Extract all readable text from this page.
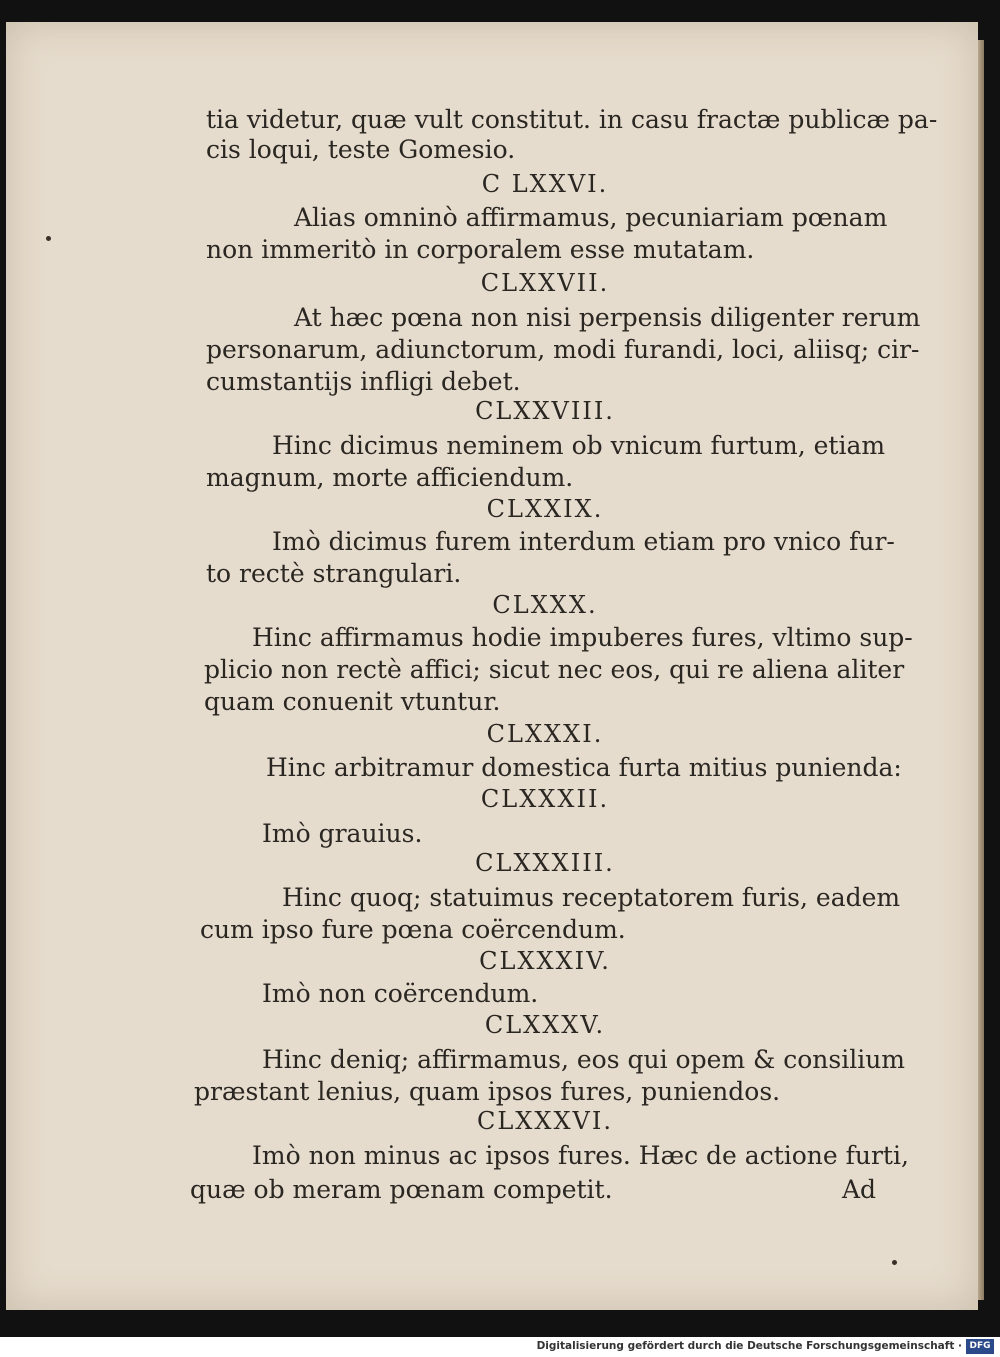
tia videtur, quæ vult constitut. in casu fractæ publicæ pa-
cis loqui, teste Gomesio.
C LXXVI.
Alias omninò affirmamus, pecuniariam pœnam
non immeritò in corporalem esse mutatam.
CLXXVII.
At hæc pœna non nisi perpensis diligenter rerum
personarum, adiunctorum, modi furandi, loci, aliisq; cir-
cumstantijs infligi debet.
CLXXVIII.
Hinc dicimus neminem ob vnicum furtum, etiam
magnum, morte afficiendum.
CLXXIX.
Imò dicimus furem interdum etiam pro vnico fur-
to rectè strangulari.
CLXXX.
Hinc affirmamus hodie impuberes fures, vltimo sup-
plicio non rectè affici; sicut nec eos, qui re aliena aliter
quam conuenit vtuntur.
CLXXXI.
Hinc arbitramur domestica furta mitius punienda:
CLXXXII.
Imò grauius.
CLXXXIII.
Hinc quoq; statuimus receptatorem furis, eadem
cum ipso fure pœna coërcendum.
CLXXXIV.
Imò non coërcendum.
CLXXXV.
Hinc deniq; affirmamus, eos qui opem & consilium
præstant lenius, quam ipsos fures, puniendos.
CLXXXVI.
Imò non minus ac ipsos fures. Hæc de actione furti,
quæ ob meram pœnam competit.	Ad
Digitalisierung gefördert durch die Deutsche Forschungsgemeinschaft · DFG
